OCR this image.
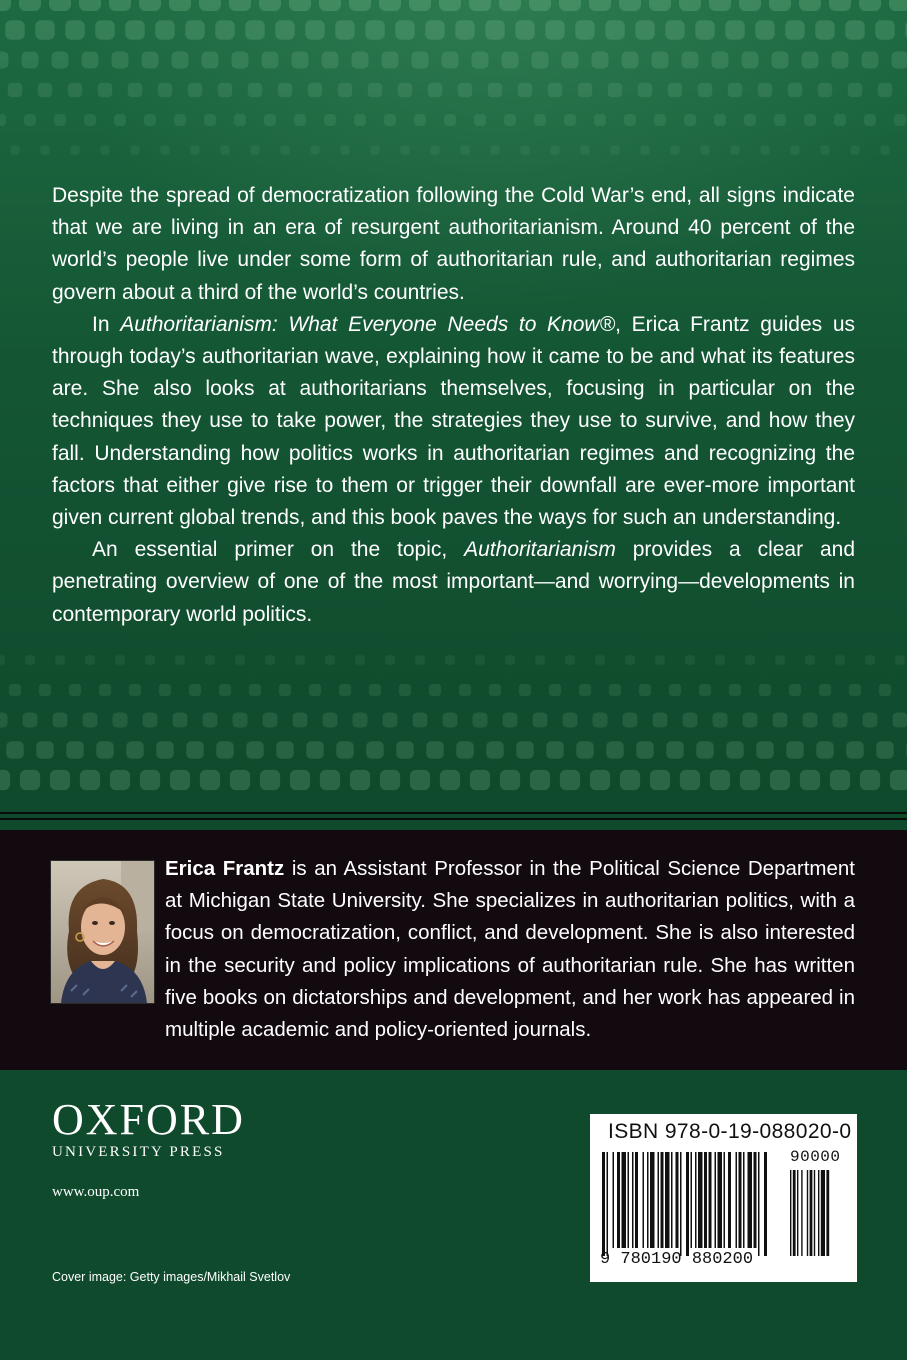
Despite the spread of democratization following the Cold War’s end, all signs indicate that we are living in an era of resurgent authoritarianism. Around 40 percent of the world’s people live under some form of authoritarian rule, and authoritarian regimes govern about a third of the world’s countries.

In Authoritarianism: What Everyone Needs to Know®, Erica Frantz guides us through today’s authoritarian wave, explaining how it came to be and what its features are. She also looks at authoritarians themselves, focusing in particular on the techniques they use to take power, the strategies they use to survive, and how they fall. Understanding how politics works in authoritarian regimes and recognizing the factors that either give rise to them or trigger their downfall are ever-more important given current global trends, and this book paves the ways for such an understanding.

An essential primer on the topic, Authoritarianism provides a clear and penetrating overview of one of the most important—and worrying—developments in contemporary world politics.

Erica Frantz is an Assistant Professor in the Political Science Department at Michigan State University. She specializes in authoritarian politics, with a focus on democratization, conflict, and development. She is also interested in the security and policy implications of authoritarian rule. She has written five books on dictatorships and development, and her work has appeared in multiple academic and policy-oriented journals.
OXFORD
UNIVERSITY PRESS
www.oup.com
Cover image: Getty images/Mikhail Svetlov
ISBN 978-0-19-088020-0
90000
9 780190 880200
